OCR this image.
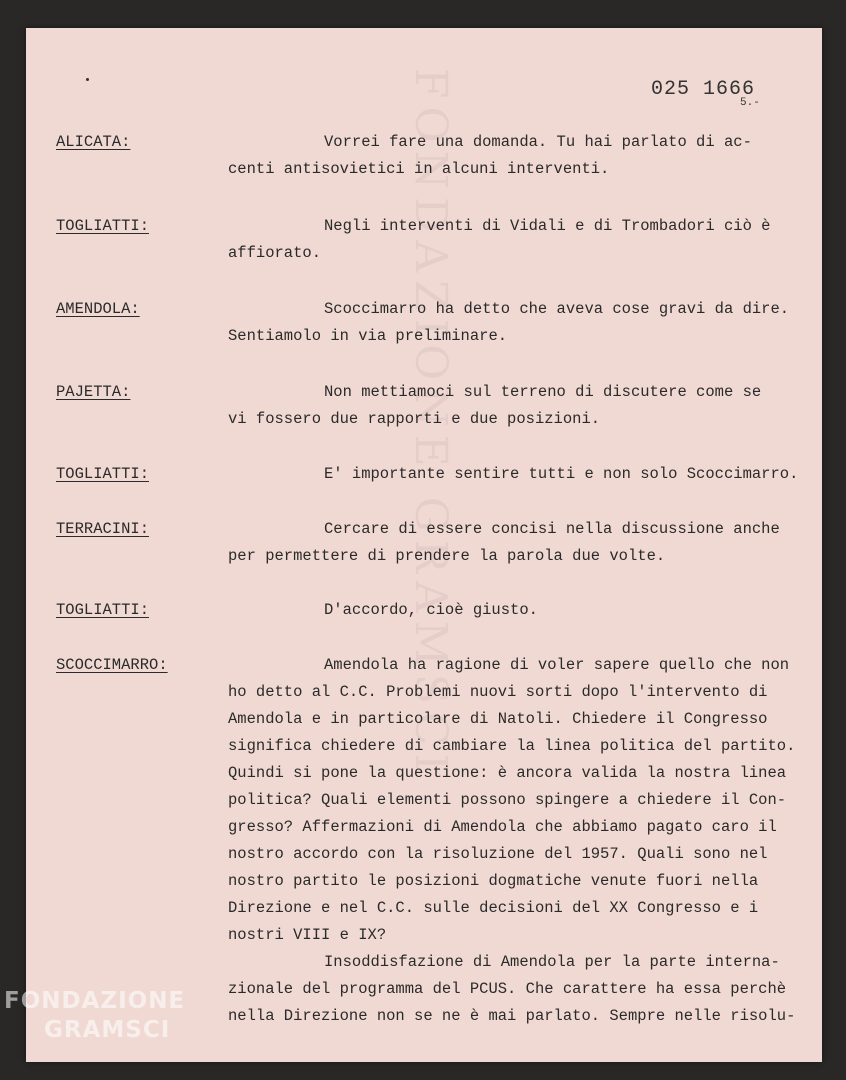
FONDAZIONE GRAMSCI	025 1666
5.-
ALICATA:	Vorrei fare una domanda. Tu hai parlato di ac-
centi antisovietici in alcuni interventi.
TOGLIATTI:	Negli interventi di Vidali e di Trombadori ciò è
affiorato.
AMENDOLA:	Scoccimarro ha detto che aveva cose gravi da dire.
Sentiamolo in via preliminare.
PAJETTA:	Non mettiamoci sul terreno di discutere come se
vi fossero due rapporti e due posizioni.
TOGLIATTI:	E' importante sentire tutti e non solo Scoccimarro.
TERRACINI:	Cercare di essere concisi nella discussione anche
per permettere di prendere la parola due volte.
TOGLIATTI:	D'accordo, cioè giusto.
SCOCCIMARRO:	Amendola ha ragione di voler sapere quello che non
ho detto al C.C. Problemi nuovi sorti dopo l'intervento di
Amendola e in particolare di Natoli. Chiedere il Congresso
significa chiedere di cambiare la linea politica del partito.
Quindi si pone la questione: è ancora valida la nostra linea
politica? Quali elementi possono spingere a chiedere il Con-
gresso? Affermazioni di Amendola che abbiamo pagato caro il
nostro accordo con la risoluzione del 1957. Quali sono nel
nostro partito le posizioni dogmatiche venute fuori nella
Direzione e nel C.C. sulle decisioni del XX Congresso e i
nostri VIII e IX?
Insoddisfazione di Amendola per la parte interna-
zionale del programma del PCUS. Che carattere ha essa perchè
nella Direzione non se ne è mai parlato. Sempre nelle risolu-
FONDAZIONE
GRAMSCI
